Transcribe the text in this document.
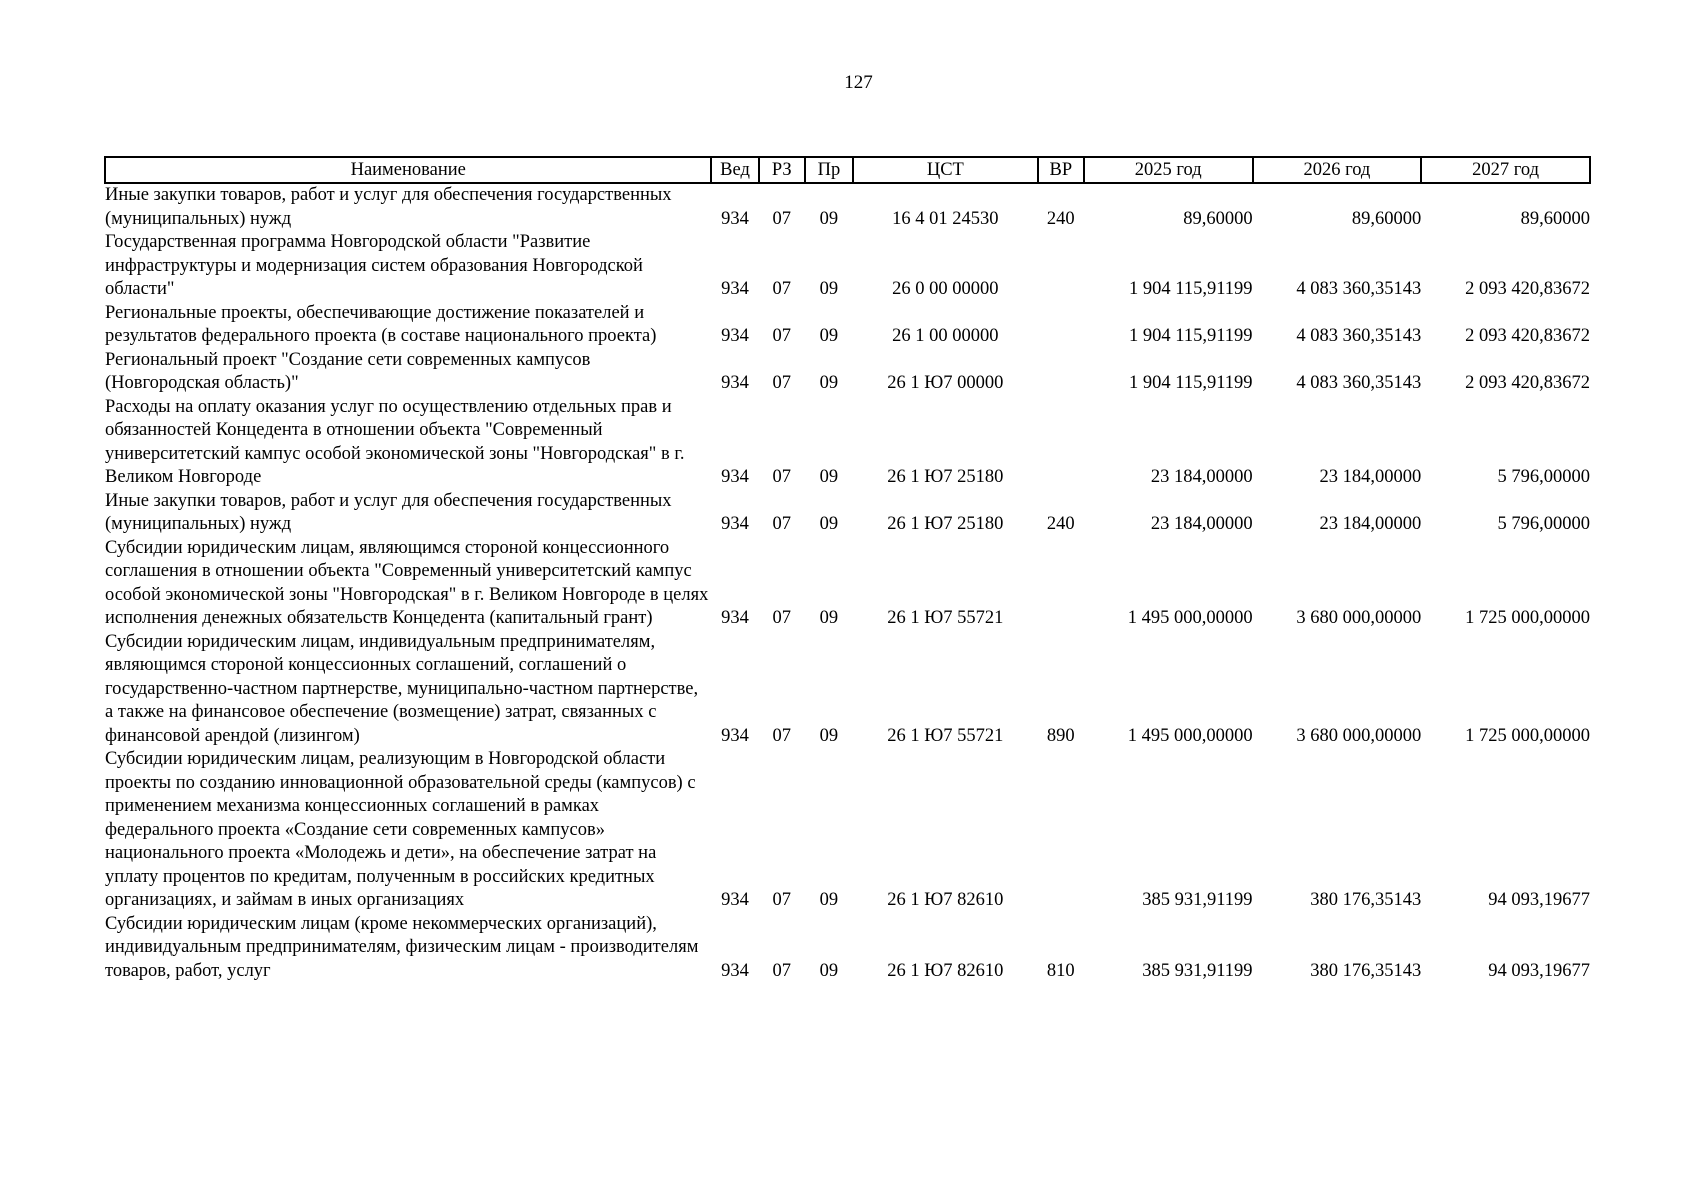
127
Наименование	Вед	РЗ	Пр	ЦСТ	ВР	2025 год	2026 год	2027 год
Иные закупки товаров, работ и услуг для обеспечения государственных (муниципальных) нужд	934	07	09	16 4 01 24530	240	89,60000	89,60000	89,60000
Государственная программа Новгородской области "Развитие инфраструктуры и модернизация систем образования Новгородской области"	934	07	09	26 0 00 00000		1 904 115,91199	4 083 360,35143	2 093 420,83672
Региональные проекты, обеспечивающие достижение показателей и результатов федерального проекта (в составе национального проекта)	934	07	09	26 1 00 00000		1 904 115,91199	4 083 360,35143	2 093 420,83672
Региональный проект "Создание сети современных кампусов (Новгородская область)"	934	07	09	26 1 Ю7 00000		1 904 115,91199	4 083 360,35143	2 093 420,83672
Расходы на оплату оказания услуг по осуществлению отдельных прав и обязанностей Концедента в отношении объекта "Современный университетский кампус особой экономической зоны "Новгородская" в г. Великом Новгороде	934	07	09	26 1 Ю7 25180		23 184,00000	23 184,00000	5 796,00000
Иные закупки товаров, работ и услуг для обеспечения государственных (муниципальных) нужд	934	07	09	26 1 Ю7 25180	240	23 184,00000	23 184,00000	5 796,00000
Субсидии юридическим лицам, являющимся стороной концессионного соглашения в отношении объекта "Современный университетский кампус особой экономической зоны "Новгородская" в г. Великом Новгороде в целях исполнения денежных обязательств Концедента (капитальный грант)	934	07	09	26 1 Ю7 55721		1 495 000,00000	3 680 000,00000	1 725 000,00000
Субсидии юридическим лицам, индивидуальным предпринимателям, являющимся стороной концессионных соглашений, соглашений о государственно-частном партнерстве, муниципально-частном партнерстве, а также на финансовое обеспечение (возмещение) затрат, связанных с финансовой арендой (лизингом)	934	07	09	26 1 Ю7 55721	890	1 495 000,00000	3 680 000,00000	1 725 000,00000
Субсидии юридическим лицам, реализующим в Новгородской области проекты по созданию инновационной образовательной среды (кампусов) с применением механизма концессионных соглашений в рамках федерального проекта «Создание сети современных кампусов» национального проекта «Молодежь и дети», на обеспечение затрат на уплату процентов по кредитам, полученным в российских кредитных организациях, и займам в иных организациях	934	07	09	26 1 Ю7 82610		385 931,91199	380 176,35143	94 093,19677
Субсидии юридическим лицам (кроме некоммерческих организаций), индивидуальным предпринимателям, физическим лицам - производителям товаров, работ, услуг	934	07	09	26 1 Ю7 82610	810	385 931,91199	380 176,35143	94 093,19677
